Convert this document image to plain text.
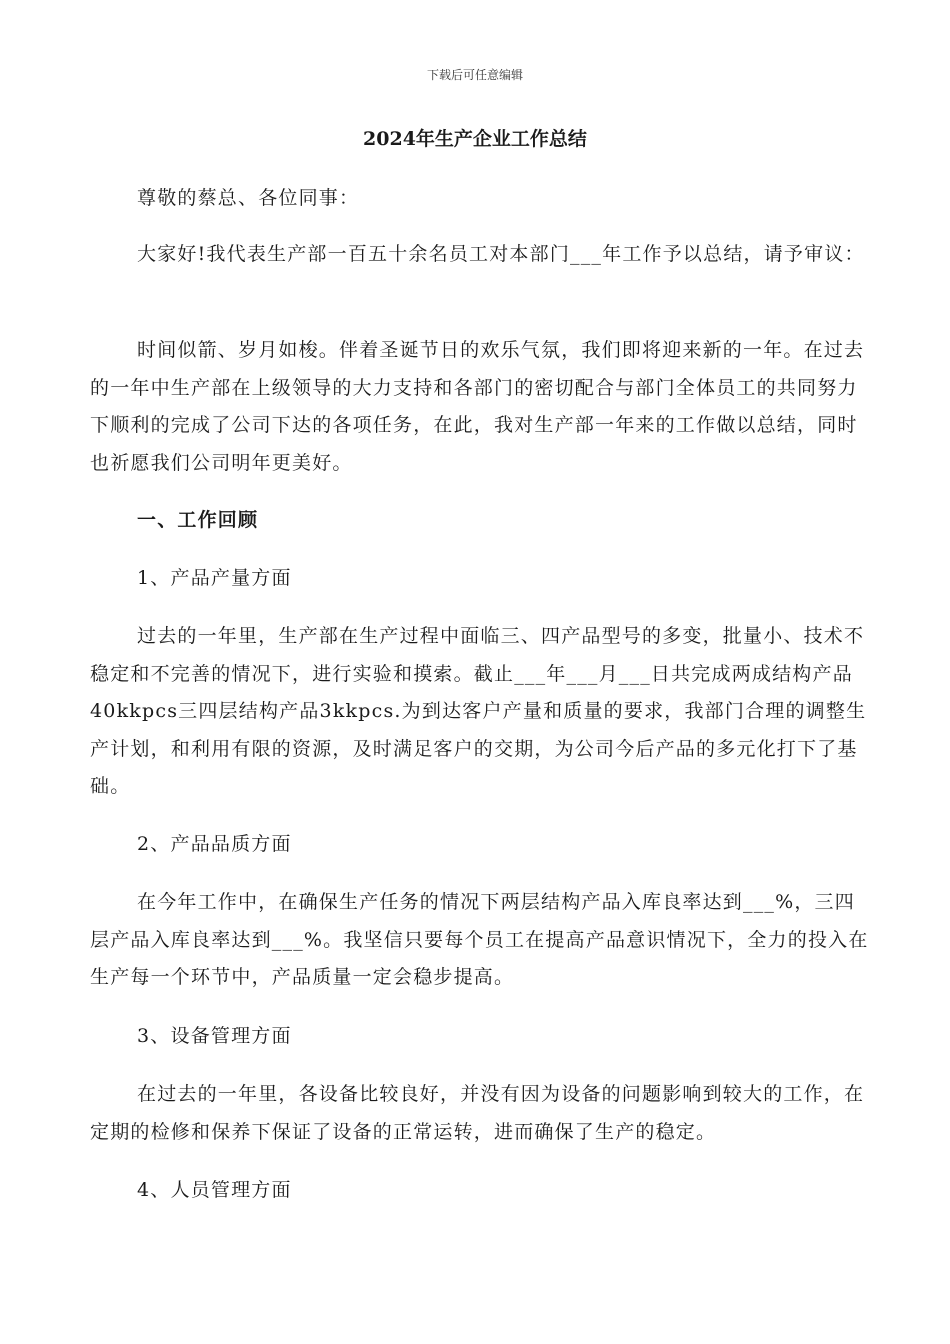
下载后可任意编辑
2024年生产企业工作总结
尊敬的蔡总、各位同事：
大家好!我代表生产部一百五十余名员工对本部门___年工作予以总结，请予审议：
时间似箭、岁月如梭。伴着圣诞节日的欢乐气氛，我们即将迎来新的一年。在过去的一年中生产部在上级领导的大力支持和各部门的密切配合与部门全体员工的共同努力下顺利的完成了公司下达的各项任务，在此，我对生产部一年来的工作做以总结，同时也祈愿我们公司明年更美好。
一、工作回顾
1、产品产量方面
过去的一年里，生产部在生产过程中面临三、四产品型号的多变，批量小、技术不稳定和不完善的情况下，进行实验和摸索。截止___年___月___日共完成两成结构产品40kkpcs三四层结构产品3kkpcs.为到达客户产量和质量的要求，我部门合理的调整生产计划，和利用有限的资源，及时满足客户的交期，为公司今后产品的多元化打下了基础。
2、产品品质方面
在今年工作中，在确保生产任务的情况下两层结构产品入库良率达到___%，三四层产品入库良率达到___%。我坚信只要每个员工在提高产品意识情况下，全力的投入在生产每一个环节中，产品质量一定会稳步提高。
3、设备管理方面
在过去的一年里，各设备比较良好，并没有因为设备的问题影响到较大的工作，在定期的检修和保养下保证了设备的正常运转，进而确保了生产的稳定。
4、人员管理方面
